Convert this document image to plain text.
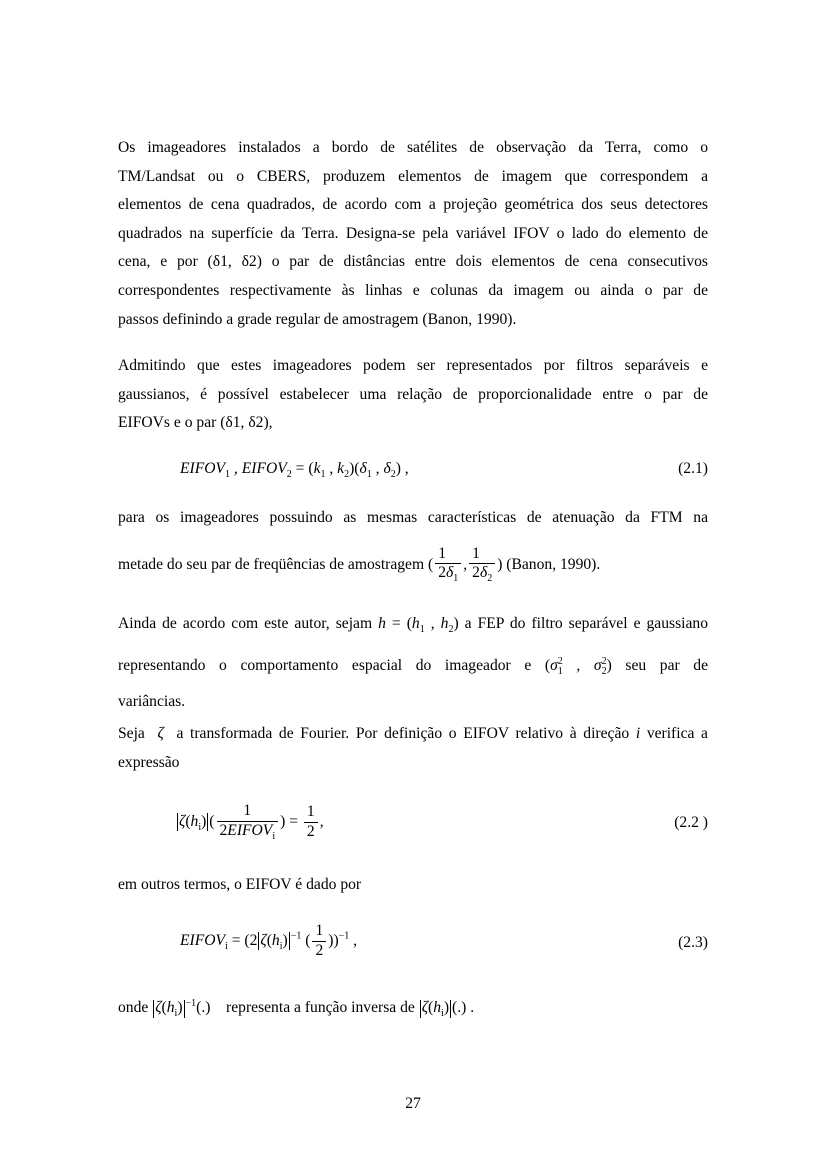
Os imageadores instalados a bordo de satélites de observação da Terra, como o
TM/Landsat ou o CBERS, produzem elementos de imagem que correspondem a
elementos de cena quadrados, de acordo com a projeção geométrica dos seus detectores
quadrados na superfície da Terra. Designa-se pela variável IFOV o lado do elemento de
cena, e por (δ1, δ2) o par de distâncias entre dois elementos de cena consecutivos
correspondentes respectivamente às linhas e colunas da imagem ou ainda o par de
passos definindo a grade regular de amostragem (Banon, 1990).
Admitindo que estes imageadores podem ser representados por filtros separáveis e
gaussianos, é possível estabelecer uma relação de proporcionalidade entre o par de
EIFOVs e o par (δ1, δ2),
$EIFOV_1$ , $EIFOV_2 = (k_1$ , $k_2)(\delta_1$ , $\delta_2$) ,	(2.1)
para os imageadores possuindo as mesmas características de atenuação da FTM na
metade do seu par de freqüências de amostragem ( $\frac{1}{2\delta_1}$ , $\frac{1}{2\delta_2}$ ) (Banon, 1990).
Ainda de acordo com este autor, sejam $h = (h_1$ , $h_2$) a FEP do filtro separável e gaussiano
representando o comportamento espacial do imageador e ($\sigma^2_1$ , $\sigma^2_2$) seu par de
variâncias.
Seja ζ a transformada de Fourier. Por definição o EIFOV relativo à direção i verifica a
expressão
$\zeta(h_i)$ ( $\frac{1}{2EIFOV_i}$ ) = $\frac{1}{2}$ ,	(2.2 )
em outros termos, o EIFOV é dado por
$EIFOV_i = (2$ $\zeta(h_i)$ $^{-1}$ ( $\frac{1}{2} ))^{-1}$ ,	(2.3)
onde $\zeta(h_i)$ $^{-1}$(.) representa a função inversa de $\zeta(h_i)$ (.) .
27
